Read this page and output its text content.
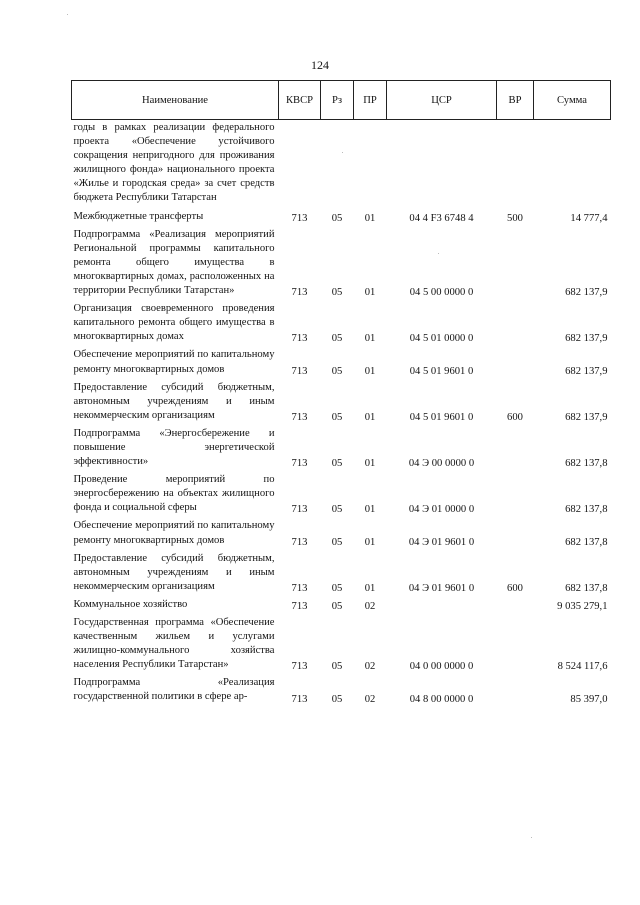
124
Наименование	КВСР	Рз	ПР	ЦСР	ВР	Сумма
годы в рамках реализации федерального проекта «Обеспечение устойчивого сокращения непригодного для проживания жилищного фонда» национального проекта «Жилье и городская среда» за счет средств бюджета Республики Татарстан						
Межбюджетные трансферты	713	05	01	04 4 F3 6748 4	500	14 777,4
Подпрограмма «Реализация мероприятий Региональной программы капитального ремонта общего имущества в многоквартирных домах, расположенных на территории Республики Татарстан»	713	05	01	04 5 00 0000 0		682 137,9
Организация своевременного проведения капитального ремонта общего имущества в многоквартирных домах	713	05	01	04 5 01 0000 0		682 137,9
Обеспечение мероприятий по капитальному ремонту многоквартирных домов	713	05	01	04 5 01 9601 0		682 137,9
Предоставление субсидий бюджетным, автономным учреждениям и иным некоммерческим организациям	713	05	01	04 5 01 9601 0	600	682 137,9
Подпрограмма «Энергосбережение и повышение энергетической эффективности»	713	05	01	04 Э 00 0000 0		682 137,8
Проведение мероприятий по энергосбережению на объектах жилищного фонда и социальной сферы	713	05	01	04 Э 01 0000 0		682 137,8
Обеспечение мероприятий по капитальному ремонту многоквартирных домов	713	05	01	04 Э 01 9601 0		682 137,8
Предоставление субсидий бюджетным, автономным учреждениям и иным некоммерческим организациям	713	05	01	04 Э 01 9601 0	600	682 137,8
Коммунальное хозяйство	713	05	02			9 035 279,1
Государственная программа «Обеспечение качественным жильем и услугами жилищно-коммунального хозяйства населения Республики Татарстан»	713	05	02	04 0 00 0000 0		8 524 117,6
Подпрограмма «Реализация государственной политики в сфере ар-	713	05	02	04 8 00 0000 0		85 397,0
